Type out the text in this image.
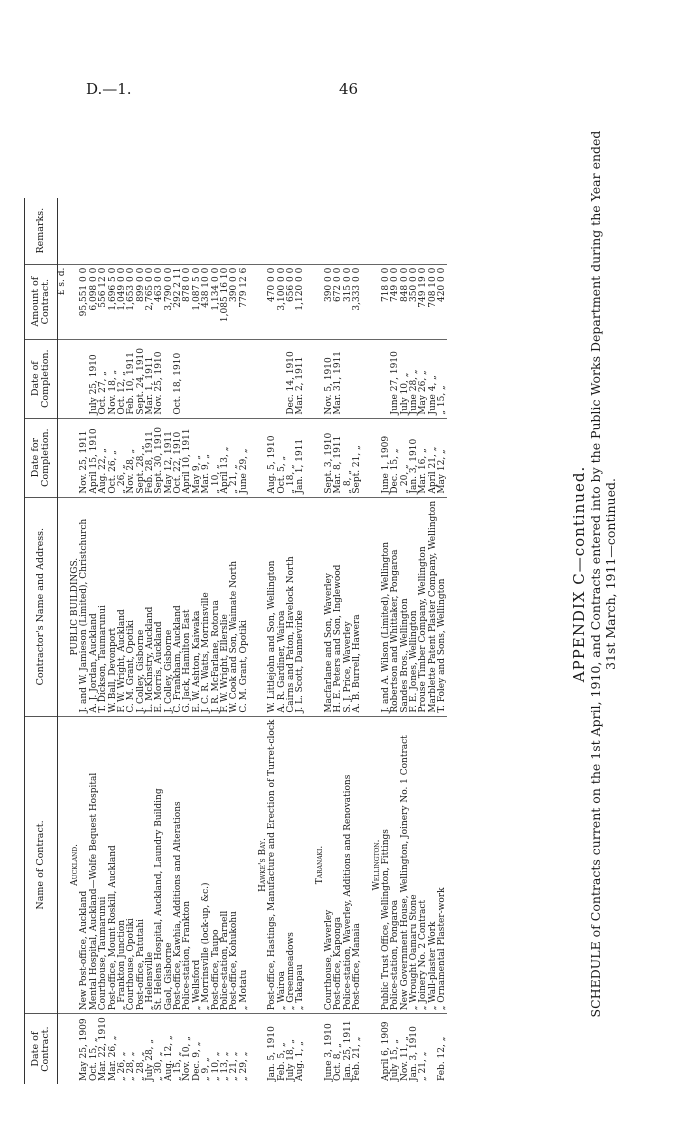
D.—1.	46
APPENDIX C—continued. SCHEDULE of Contracts current on the 1st April, 1910, and Contracts entered into by the Public Works Department during the Year ended 31st March, 1911—continued.
Date of Contract.	Name of Contract.	Contractor's Name and Address.	Date for Completion.	Date of Completion.	Amount of Contract.	Remarks.
					£ s. d.	
	Auckland.	PUBLIC BUILDINGS.				
May 25, 1909	New Post-office, Auckland	J. and W. Jamieson (Limited), Christchurch	Nov. 25, 1911		95,551 0 0	
Oct. 15, „	Mental Hospital, Auckland—Wolfe Bequest Hospital	A. J. Jordan, Auckland	April 15, 1910	July 25, 1910	6,098 0 0	
Mar. 22, 1910	Courthouse, Taumarunui	T. Dickson, Taumarunui	Aug. 22, „	Oct. 27, „	556 12 0	
Mar. 26, „	Post-office, Mount Roskill, Auckland	W. Ball, Devonport	Oct. 26, „	Nov. 18, „	1,696 5 0	
„ 26, „	„ Frankton Junction	F. W. Wright, Auckland	„ 26, „	Oct. 12, „	1,049 0 0	
„ 28, „	Courthouse, Opotiki	C. M. Grant, Opotiki	Nov. 28, „	Feb. 10, 1911	1,653 0 0	
„ 28, „	Post-office, Patutahi	J. Colley, Gisborne	Sept. 28, „	Sept. 24, 1910	899 0 0	
July 28, „	„ Helensville	L. McKinstry, Auckland	Feb. 28, 1911	Mar. 1, 1911	2,765 0 0	
„ 30, „	St. Helens Hospital, Auckland, Laundry Building	E. Morris, Auckland	Sept. 30, 1910	Nov. 25, 1910	463 0 0	
Aug. 12, „	Gaol, Gisborne	J. Colley, Gisborne	May 12, 1911		3,790 0 0	
„ 15, „	Post-office, Kawhia, Additions and Alterations	C. Frankham, Auckland	Oct. 22, 1910	Oct. 18, 1910	292 2 11	
Nov. 10, „	Police-station, Frankton	G. Jack, Hamilton East	April 10, 1911		878 0 0	
Dec. 9, „	„ Wellsford	E. W. Ashton, Kaiwaka	May 9, „		1,087 5 0	
„ 9, „	„ Morrinsville (lock-up, &c.)	J. C. R. Watts, Morrinsville	Mar. 9, „		438 10 0	
„ 10, „	Post-office, Taupo	J. R. McFarlane, Rotorua	„ 10, „		1,134 0 0	
„ 13, „	Police-station, Parnell	F. W. Wright, Ellerslie	April 13, „		1,085 16 10	
„ 21, „	Post-office, Kohukohu	W. Cook and Son, Waimate North	„ 21, „		390 0 0	
„ 29, „	„ Motatu	C. M. Grant, Opotiki	June 29, „		779 12 6	

	Hawke's Bay.					
Jan. 5, 1910	Post-office, Hastings, Manufacture and Erection of Turret-clock	W. Littlejohn and Son, Wellington	Aug. 5, 1910		470 0 0	
Feb. 5, „	„ Wairoa	A. R. Gardiner, Wairoa	Oct. 5, „		3,100 0 0	
July 18, „	„ Greenmeadows	Cairns and Paton, Havelock North	„ 18, „	Dec. 14, 1910	656 0 0	
Aug. 1, „	„ Takapau	J. L. Scott, Dannevirke	Jan. 1, 1911	Mar. 2, 1911	1,120 0 0	

	Taranaki.					
June 3, 1910	Courthouse, Waverley	Macfarlane and Son, Waverley	Sept. 3, 1910	Nov. 5, 1910	390 0 0	
Oct. 8, „	Post-office, Kaponga	H. E. Peters and Son, Inglewood	Mar. 8, 1911	Mar. 31, 1911	672 0 0	
Jan. 25, 1911	Police-station, Waverley, Additions and Renovations	S. J. Price, Waverley	„ 8, „		315 0 0	
Feb. 21, „	Post-office, Manaia	A. B. Burrell, Hawera	Sept. 21, „		3,333 0 0	

	Wellington.					
April 6, 1909	Public Trust Office, Wellington, Fittings	J. and A. Wilson (Limited), Wellington	June 1, 1909		718 0 0	
July 15, „	Police-station, Pongaroa	Robertson and Whittaker, Pongaroa	Dec. 15, „	June 27, 1910	749 0 0	
Nov. 11, „	New Government House, Wellington, Joinery No. 1 Contract	Sandes Bros., Wellington	„ 20, „	July 10, „	848 0 0	
Jan. 3, 1910	„ Wrought Oamaru Stone	F. E. Jones, Wellington	Jan. 3, 1910	June 28, „	350 0 0	
„ 21, „	„ Joinery No. 2 Contract	Prouse Timber Company, Wellington	Mar. 16, „	May 26, „	749 19 0	
	„ Wall-plaster Work	Marblette Patent Plaster Company, Wellington	April 21, „	June 4, „	708 10 0	
Feb. 12, „	„ Ornamental Plaster-work	T. Foley and Sons, Wellington	May 12, „	„ 15, „	420 0 0	
